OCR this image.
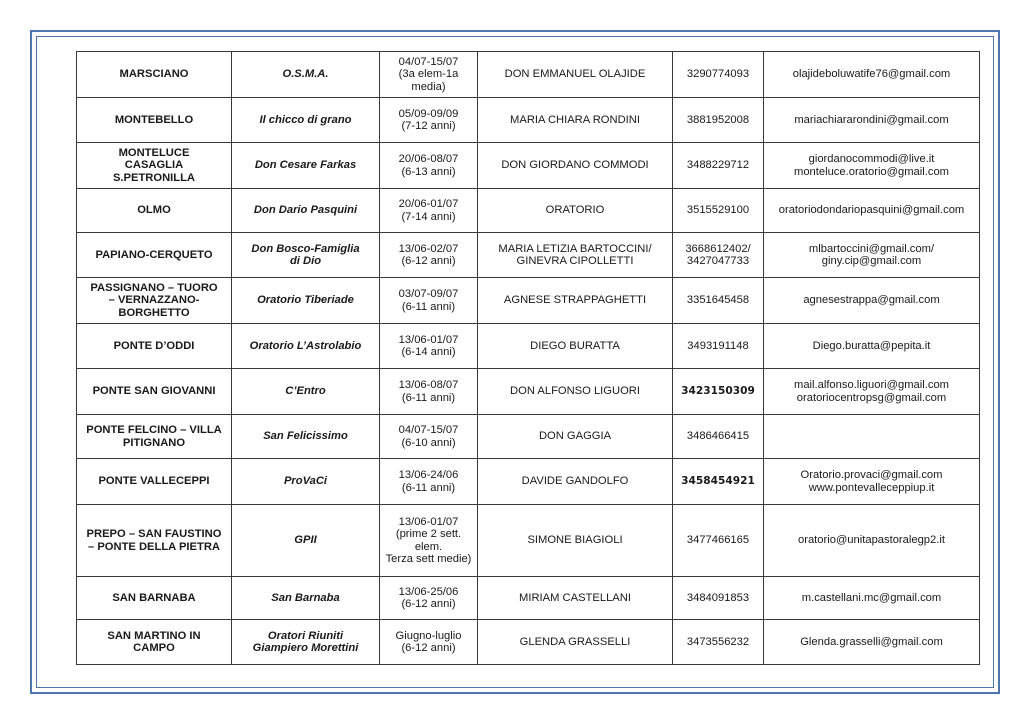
MARSCIANO	O.S.M.A.	04/07-15/07
(3a elem-1a
media)	DON EMMANUEL OLAJIDE	3290774093	olajideboluwatife76@gmail.com
MONTEBELLO	Il chicco di grano	05/09-09/09
(7-12 anni)	MARIA CHIARA RONDINI	3881952008	mariachiararondini@gmail.com
MONTELUCE
CASAGLIA
S.PETRONILLA	Don Cesare Farkas	20/06-08/07
(6-13 anni)	DON GIORDANO COMMODI	3488229712	giordanocommodi@live.it
monteluce.oratorio@gmail.com
OLMO	Don Dario Pasquini	20/06-01/07
(7-14 anni)	ORATORIO	3515529100	oratoriodondariopasquini@gmail.com
PAPIANO-CERQUETO	Don Bosco-Famiglia
di Dio	13/06-02/07
(6-12 anni)	MARIA LETIZIA BARTOCCINI/
GINEVRA CIPOLLETTI	3668612402/
3427047733	mlbartoccini@gmail.com/
giny.cip@gmail.com
PASSIGNANO – TUORO
– VERNAZZANO-
BORGHETTO	Oratorio Tiberiade	03/07-09/07
(6-11 anni)	AGNESE STRAPPAGHETTI	3351645458	agnesestrappa@gmail.com
PONTE D’ODDI	Oratorio L’Astrolabio	13/06-01/07
(6-14 anni)	DIEGO BURATTA	3493191148	Diego.buratta@pepita.it
PONTE SAN GIOVANNI	C’Entro	13/06-08/07
(6-11 anni)	DON ALFONSO LIGUORI	3423150309	mail.alfonso.liguori@gmail.com
oratoriocentropsg@gmail.com
PONTE FELCINO – VILLA
PITIGNANO	San Felicissimo	04/07-15/07
(6-10 anni)	DON GAGGIA	3486466415	
PONTE VALLECEPPI	ProVaCi	13/06-24/06
(6-11 anni)	DAVIDE GANDOLFO	3458454921	Oratorio.provaci@gmail.com
www.pontevalleceppiup.it
PREPO – SAN FAUSTINO
– PONTE DELLA PIETRA	GPII	13/06-01/07
(prime 2 sett.
elem.
Terza sett medie)	SIMONE BIAGIOLI	3477466165	oratorio@unitapastoralegp2.it
SAN BARNABA	San Barnaba	13/06-25/06
(6-12 anni)	MIRIAM CASTELLANI	3484091853	m.castellani.mc@gmail.com
SAN MARTINO IN
CAMPO	Oratori Riuniti
Giampiero Morettini	Giugno-luglio
(6-12 anni)	GLENDA GRASSELLI	3473556232	Glenda.grasselli@gmail.com
